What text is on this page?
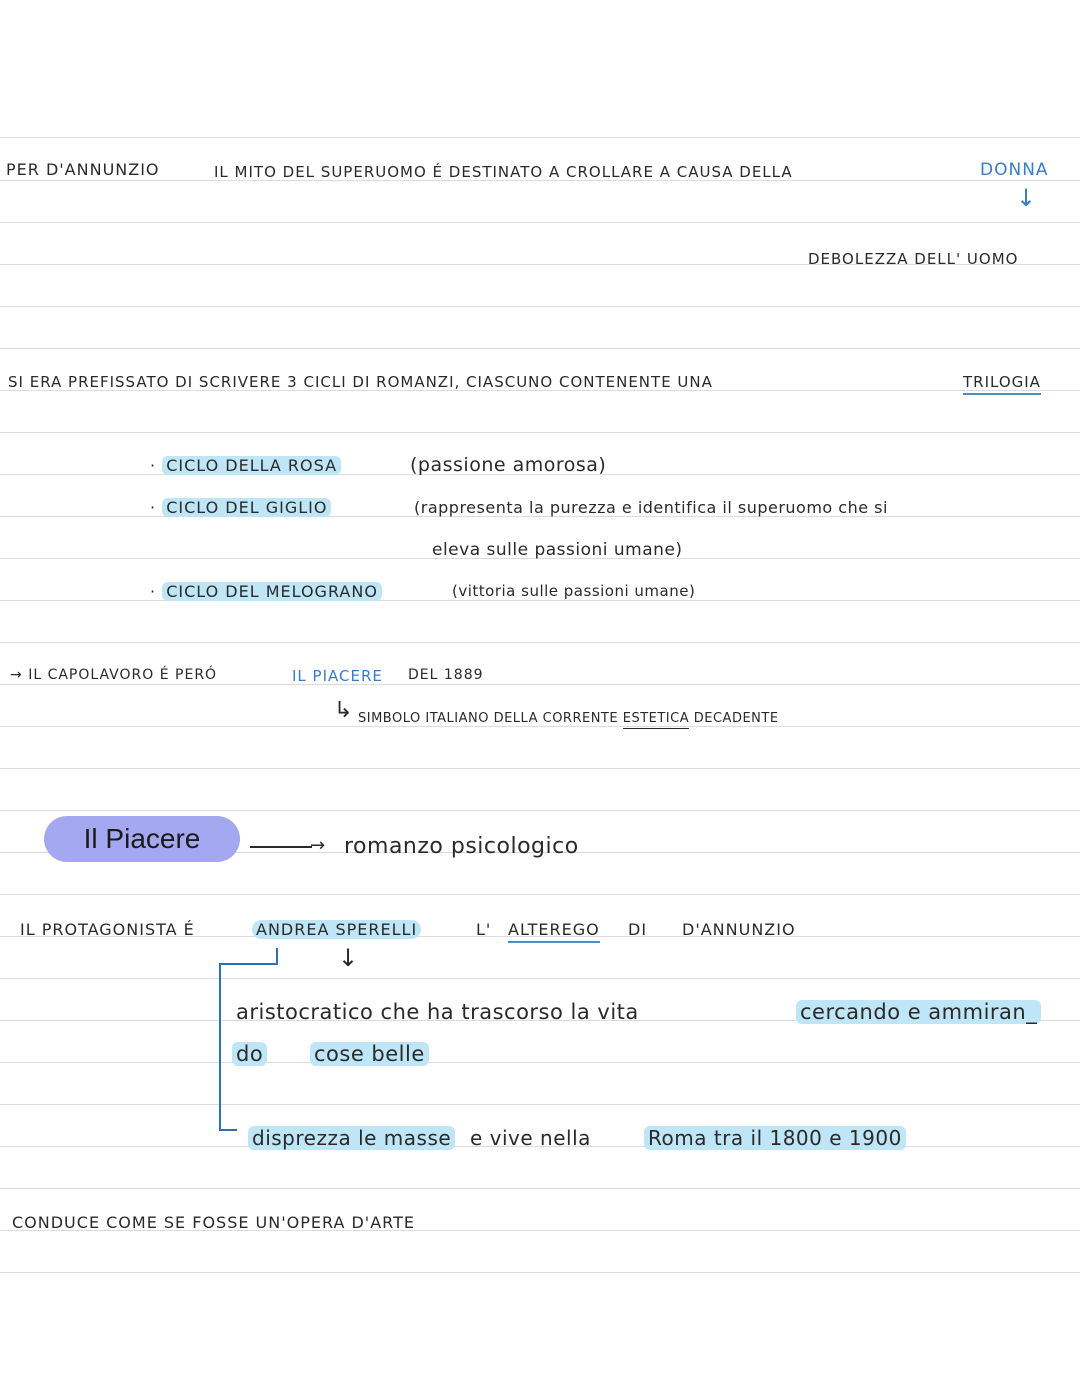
PER D'ANNUNZIO	IL MITO DEL SUPERUOMO É DESTINATO A CROLLARE A CAUSA DELLA	DONNA
↓
DEBOLEZZA DELL' UOMO
SI ERA PREFISSATO DI SCRIVERE 3 CICLI DI ROMANZI, CIASCUNO CONTENENTE UNA	TRILOGIA
· CICLO DELLA ROSA	(passione amorosa)
· CICLO DEL GIGLIO	(rappresenta la purezza e identifica il superuomo che si
eleva sulle passioni umane)
· CICLO DEL MELOGRANO	(vittoria sulle passioni umane)
→ IL CAPOLAVORO É PERÓ	IL PIACERE DEL 1889
↳ SIMBOLO ITALIANO DELLA CORRENTE ESTETICA DECADENTE
Il Piacere	→ romanzo psicologico
IL PROTAGONISTA É	ANDREA SPERELLI	L' ALTEREGO DI D'ANNUNZIO
↓
aristocratico che ha trascorso la vita	cercando e ammiran_
do cose belle
disprezza le masse e vive nella	Roma tra il 1800 e 1900
CONDUCE COME SE FOSSE UN'OPERA D'ARTE
